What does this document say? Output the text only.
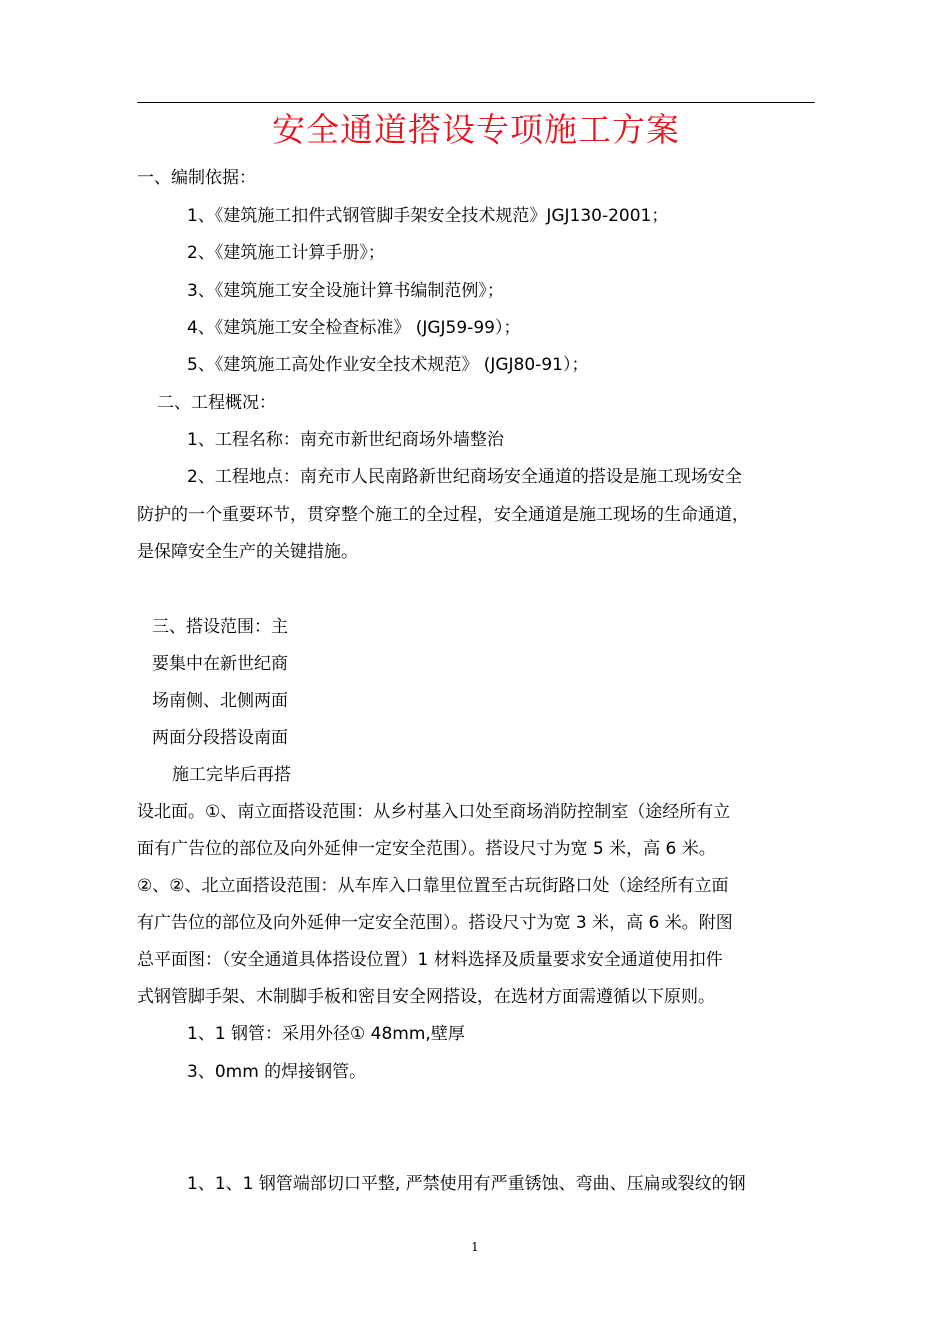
安全通道搭设专项施工方案
一、编制依据：
1、《建筑施工扣件式钢管脚手架安全技术规范》JGJ130-2001；
2、《建筑施工计算手册》；
3、《建筑施工安全设施计算书编制范例》；
4、《建筑施工安全检查标准》 (JGJ59-99）；
5、《建筑施工高处作业安全技术规范》 (JGJ80-91）；
二、工程概况：
1、工程名称：南充市新世纪商场外墙整治
2、工程地点：南充市人民南路新世纪商场安全通道的搭设是施工现场安全
防护的一个重要环节，贯穿整个施工的全过程，安全通道是施工现场的生命通道，
是保障安全生产的关键措施。
三、搭设范围：主
要集中在新世纪商
场南侧、北侧两面
两面分段搭设南面
施工完毕后再搭
设北面。①、南立面搭设范围：从乡村基入口处至商场消防控制室（途经所有立
面有广告位的部位及向外延伸一定安全范围）。搭设尺寸为宽 5 米，高 6 米。
②、②、北立面搭设范围：从车库入口靠里位置至古玩街路口处（途经所有立面
有广告位的部位及向外延伸一定安全范围）。搭设尺寸为宽 3 米，高 6 米。附图
总平面图：（安全通道具体搭设位置）1 材料选择及质量要求安全通道使用扣件
式钢管脚手架、木制脚手板和密目安全网搭设，在选材方面需遵循以下原则。
1、1 钢管：采用外径① 48mm,壁厚
3、0mm 的焊接钢管。
1、1、1 钢管端部切口平整, 严禁使用有严重锈蚀、弯曲、压扁或裂纹的钢
1
